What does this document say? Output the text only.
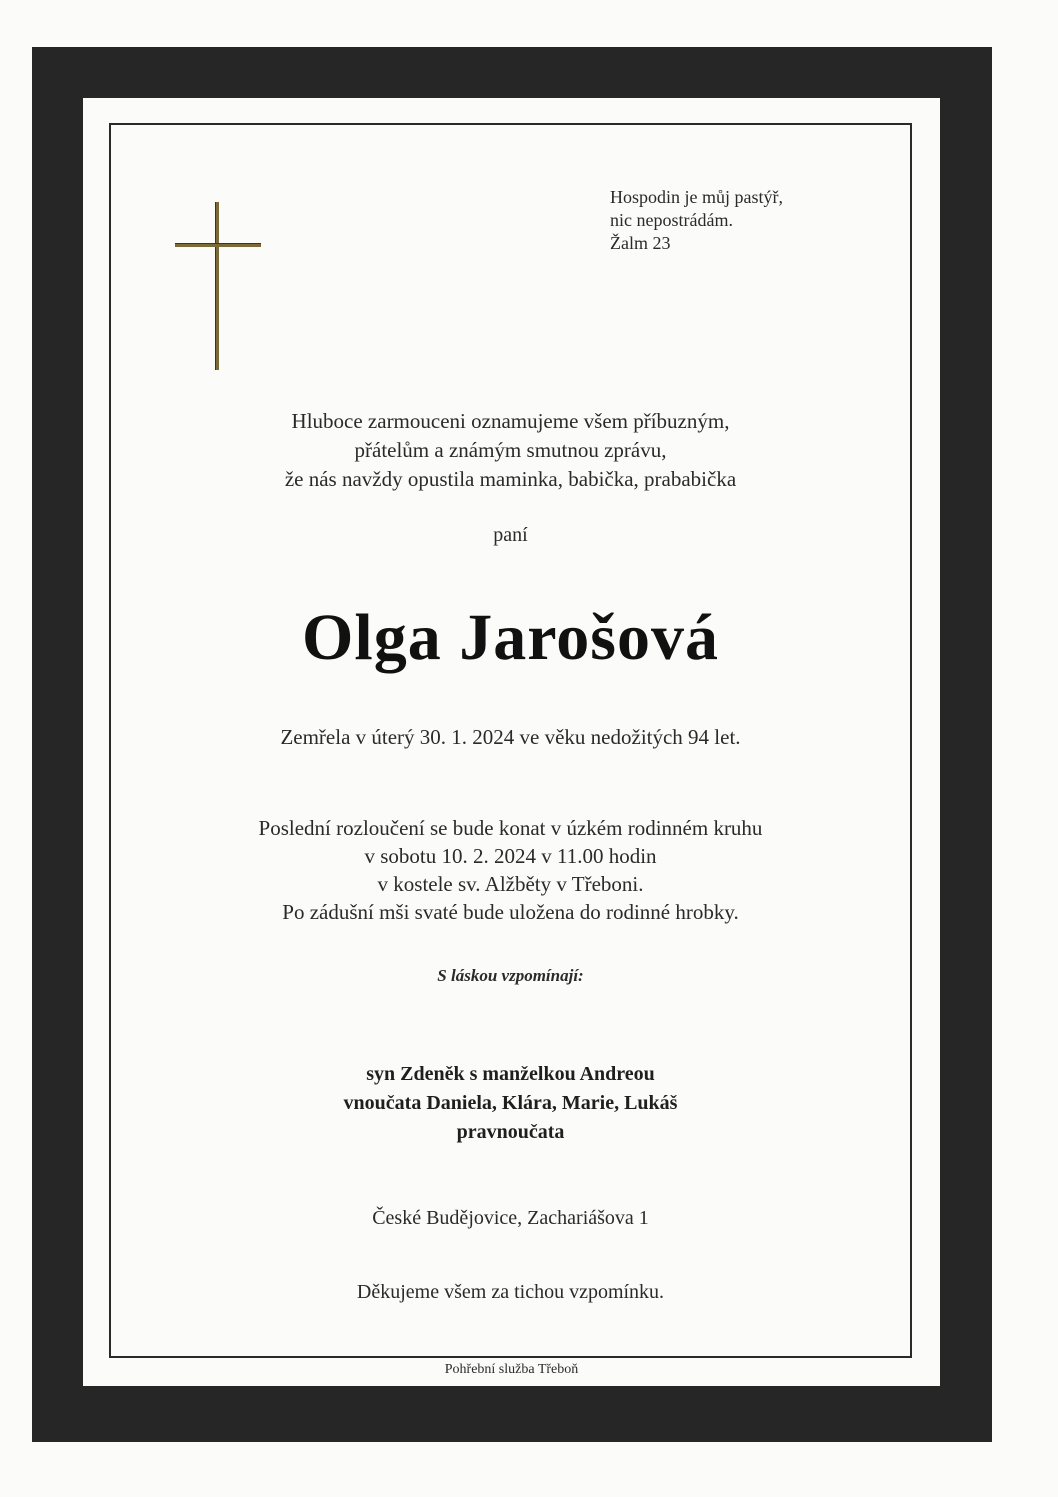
Hospodin je můj pastýř,
nic nepostrádám.
Žalm 23
Hluboce zarmouceni oznamujeme všem příbuzným,
přátelům a známým smutnou zprávu,
že nás navždy opustila maminka, babička, prababička
paní
Olga Jarošová
Zemřela v úterý 30. 1. 2024 ve věku nedožitých 94 let.
Poslední rozloučení se bude konat v úzkém rodinném kruhu
v sobotu 10. 2. 2024 v 11.00 hodin
v kostele sv. Alžběty v Třeboni.
Po zádušní mši svaté bude uložena do rodinné hrobky.
S láskou vzpomínají:
syn Zdeněk s manželkou Andreou
vnoučata Daniela, Klára, Marie, Lukáš
pravnoučata
České Budějovice, Zachariášova 1
Děkujeme všem za tichou vzpomínku.
Pohřební služba Třeboň
